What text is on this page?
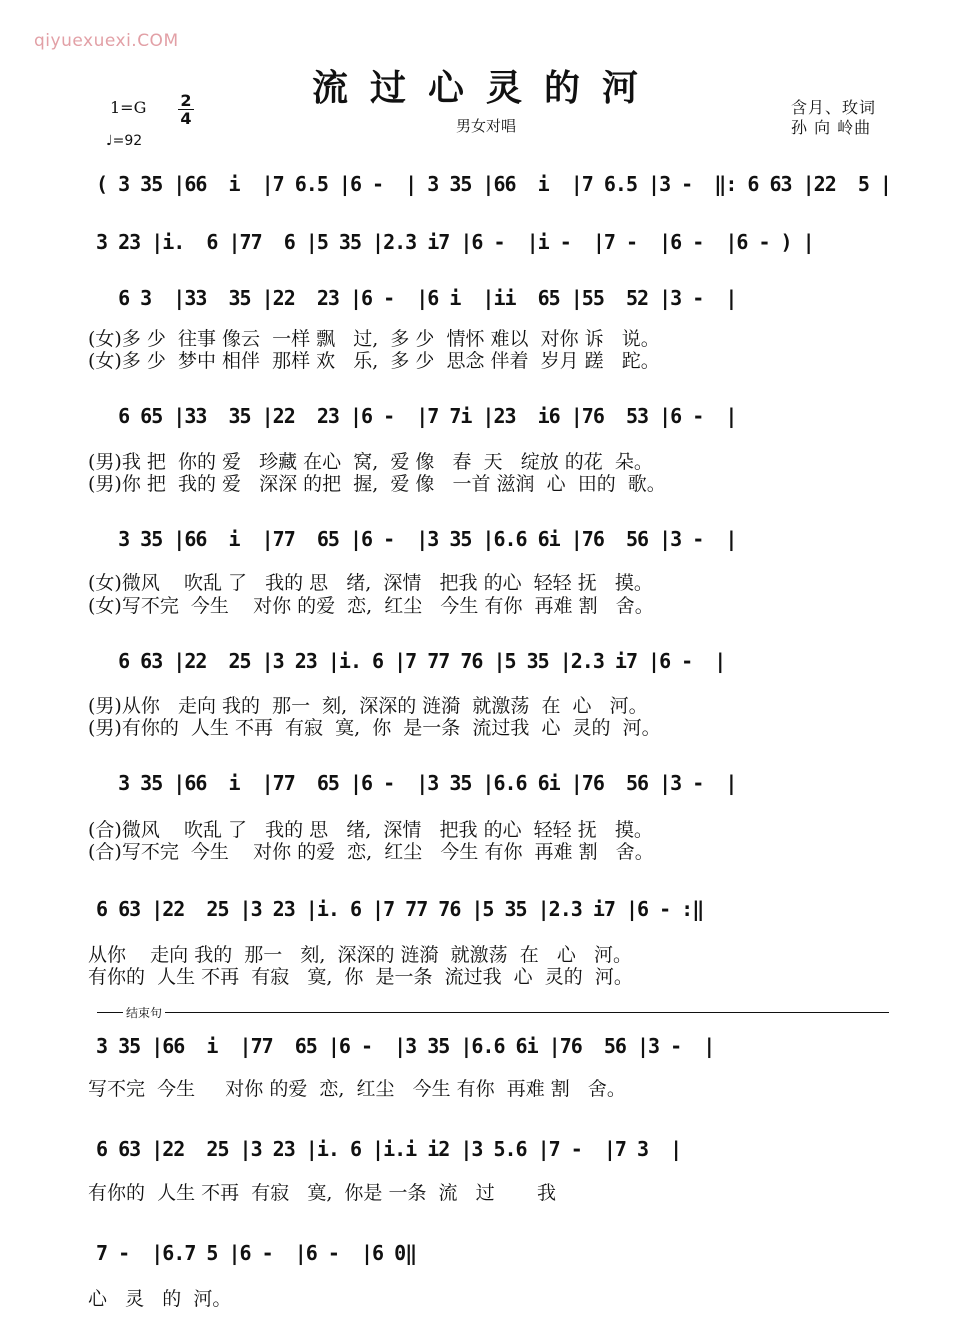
qiyuexuexi.COM
流过心灵的河
男女对唱
1=G 2
4
♩=92
含月、玫词
孙 向 岭曲
结束句
( 3 35 |66  i  |7 6.5 |6 -  | 3 35 |66  i  |7 6.5 |3 -  ‖: 6 63 |22  5 |
3 23 |i.  6 |77  6 |5 35 |2.3 i7 |6 -  |i -  |7 -  |6 -  |6 - ) |
6 3  |33  35 |22  23 |6 -  |6 i  |ii  65 |55  52 |3 -  |
(女)多 少  往事 像云  一样 飘   过,  多 少  情怀 难以  对你 诉   说。
(女)多 少  梦中 相伴  那样 欢   乐,  多 少  思念 伴着  岁月 蹉   跎。
6 65 |33  35 |22  23 |6 -  |7 7i |23  i6 |76  53 |6 -  |
(男)我 把  你的 爱   珍藏 在心  窝,  爱 像   春  天   绽放 的花  朵。
(男)你 把  我的 爱   深深 的把  握,  爱 像   一首 滋润  心  田的  歌。
3 35 |66  i  |77  65 |6 -  |3 35 |6.6 6i |76  56 |3 -  |
(女)微风    吹乱 了   我的 思   绪,  深情   把我 的心  轻轻 抚   摸。
(女)写不完  今生    对你 的爱  恋,  红尘   今生 有你  再难 割   舍。
6 63 |22  25 |3 23 |i. 6 |7 77 76 |5 35 |2.3 i7 |6 -  |
(男)从你   走向 我的  那一  刻,  深深的 涟漪  就激荡  在  心   河。
(男)有你的  人生 不再  有寂  寞,  你  是一条  流过我  心  灵的  河。
3 35 |66  i  |77  65 |6 -  |3 35 |6.6 6i |76  56 |3 -  |
(合)微风    吹乱 了   我的 思   绪,  深情   把我 的心  轻轻 抚   摸。
(合)写不完  今生    对你 的爱  恋,  红尘   今生 有你  再难 割   舍。
6 63 |22  25 |3 23 |i. 6 |7 77 76 |5 35 |2.3 i7 |6 - :‖
从你    走向 我的  那一   刻,  深深的 涟漪  就激荡  在   心   河。
有你的  人生 不再  有寂   寞,  你  是一条  流过我  心  灵的  河。
3 35 |66  i  |77  65 |6 -  |3 35 |6.6 6i |76  56 |3 -  |
写不完  今生     对你 的爱  恋,  红尘   今生 有你  再难 割   舍。
6 63 |22  25 |3 23 |i. 6 |i.i i2 |3 5.6 |7 -  |7 3  |
有你的  人生 不再  有寂   寞,  你是 一条  流   过       我
7 -  |6.7 5 |6 -  |6 -  |6 0‖
心   灵   的  河。
